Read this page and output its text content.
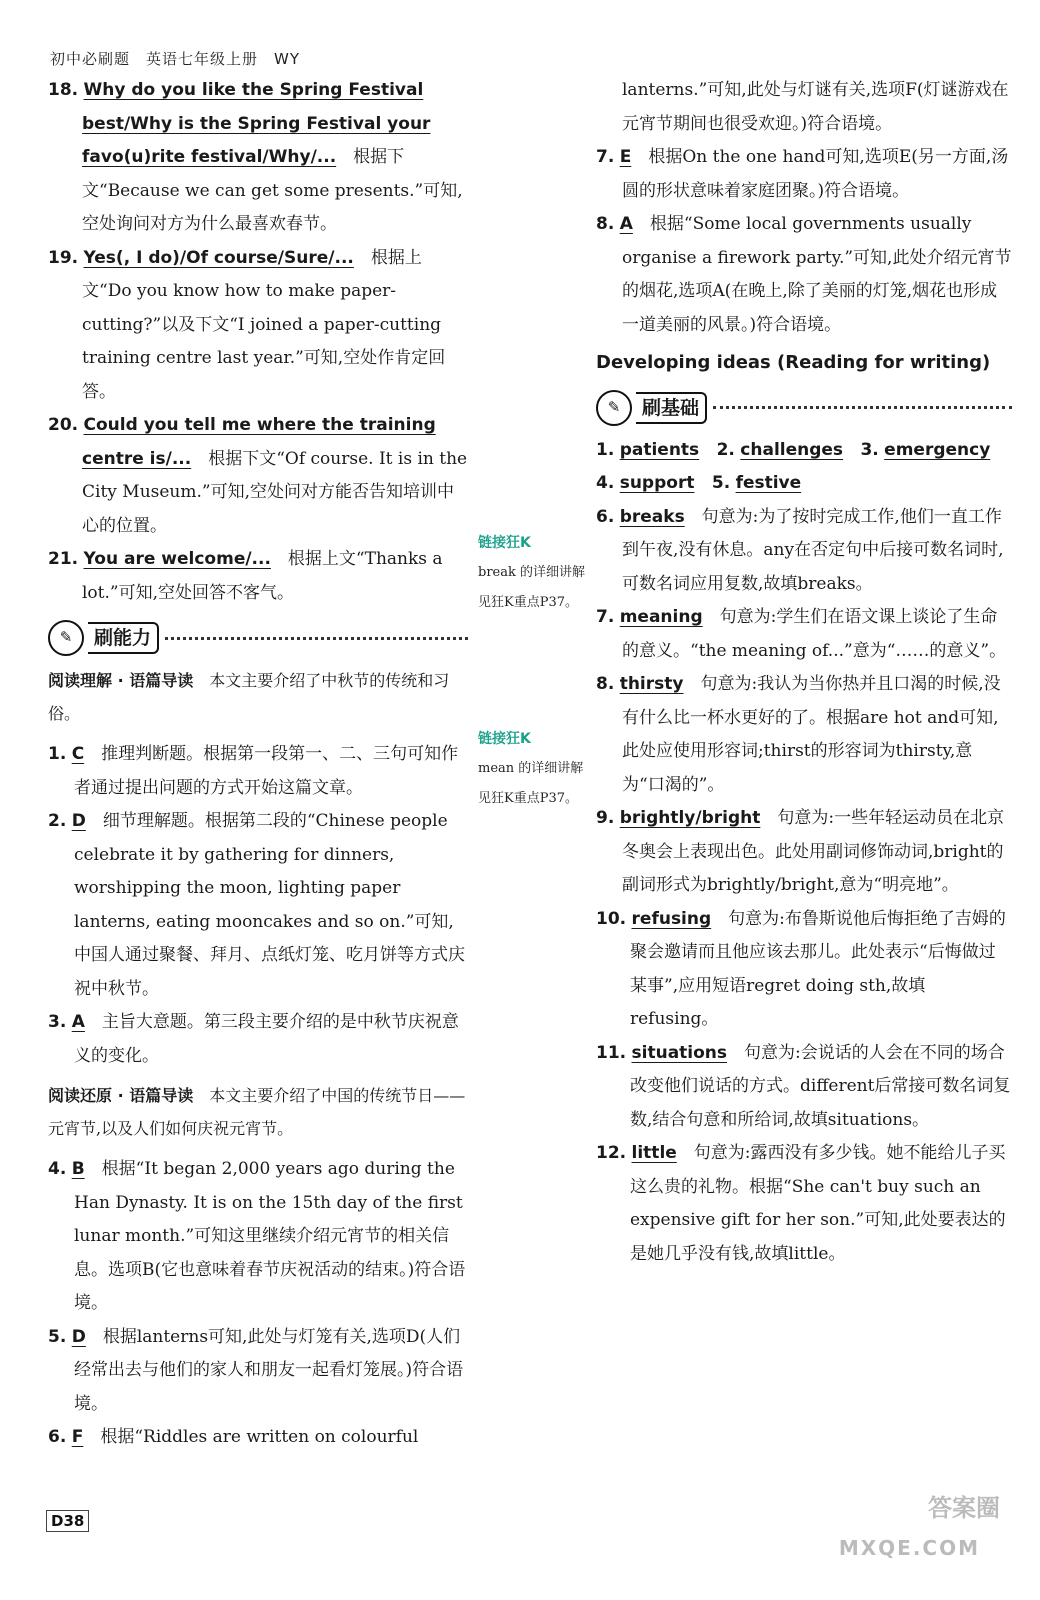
初中必刷题　英语七年级上册　WY

18. Why do you like the Spring Festival best/Why is the Spring Festival your favo(u)rite festival/Why/...　根据下文“Because we can get some presents.”可知,空处询问对方为什么最喜欢春节。

19. Yes(, I do)/Of course/Sure/...　根据上文“Do you know how to make paper-cutting?”以及下文“I joined a paper-cutting training centre last year.”可知,空处作肯定回答。

20. Could you tell me where the training centre is/...　根据下文“Of course. It is in the City Museum.”可知,空处问对方能否告知培训中心的位置。

21. You are welcome/...　根据上文“Thanks a lot.”可知,空处回答不客气。

✎	刷能力
阅读理解 · 语篇导读　本文主要介绍了中秋节的传统和习俗。

1. C　推理判断题。根据第一段第一、二、三句可知作者通过提出问题的方式开始这篇文章。

2. D　细节理解题。根据第二段的“Chinese people celebrate it by gathering for dinners, worshipping the moon, lighting paper lanterns, eating mooncakes and so on.”可知,中国人通过聚餐、拜月、点纸灯笼、吃月饼等方式庆祝中秋节。

3. A　主旨大意题。第三段主要介绍的是中秋节庆祝意义的变化。

阅读还原 · 语篇导读　本文主要介绍了中国的传统节日——元宵节,以及人们如何庆祝元宵节。

4. B　根据“It began 2,000 years ago during the Han Dynasty. It is on the 15th day of the first lunar month.”可知这里继续介绍元宵节的相关信息。选项B(它也意味着春节庆祝活动的结束。)符合语境。

5. D　根据lanterns可知,此处与灯笼有关,选项D(人们经常出去与他们的家人和朋友一起看灯笼展。)符合语境。

6. F　根据“Riddles are written on colourful

链接狂K
break 的详细讲解见狂K重点P37。
链接狂K
mean 的详细讲解见狂K重点P37。

lanterns.”可知,此处与灯谜有关,选项F(灯谜游戏在元宵节期间也很受欢迎。)符合语境。

7. E　根据On the one hand可知,选项E(另一方面,汤圆的形状意味着家庭团聚。)符合语境。

8. A　根据“Some local governments usually organise a firework party.”可知,此处介绍元宵节的烟花,选项A(在晚上,除了美丽的灯笼,烟花也形成一道美丽的风景。)符合语境。

Developing ideas (Reading for writing)
✎	刷基础

1. patients 2. challenges 3. emergency

4. support 5. festive

6. breaks　句意为:为了按时完成工作,他们一直工作到午夜,没有休息。any在否定句中后接可数名词时,可数名词应用复数,故填breaks。

7. meaning　句意为:学生们在语文课上谈论了生命的意义。“the meaning of...”意为“……的意义”。

8. thirsty　句意为:我认为当你热并且口渴的时候,没有什么比一杯水更好的了。根据are hot and可知,此处应使用形容词;thirst的形容词为thirsty,意为“口渴的”。

9. brightly/bright　句意为:一些年轻运动员在北京冬奥会上表现出色。此处用副词修饰动词,bright的副词形式为brightly/bright,意为“明亮地”。

10. refusing　句意为:布鲁斯说他后悔拒绝了吉姆的聚会邀请而且他应该去那儿。此处表示“后悔做过某事”,应用短语regret doing sth,故填refusing。

11. situations　句意为:会说话的人会在不同的场合改变他们说话的方式。different后常接可数名词复数,结合句意和所给词,故填situations。

12. little　句意为:露西没有多少钱。她不能给儿子买这么贵的礼物。根据“She can't buy such an expensive gift for her son.”可知,此处要表达的是她几乎没有钱,故填little。

D38	答案圈
MXQE.COM
